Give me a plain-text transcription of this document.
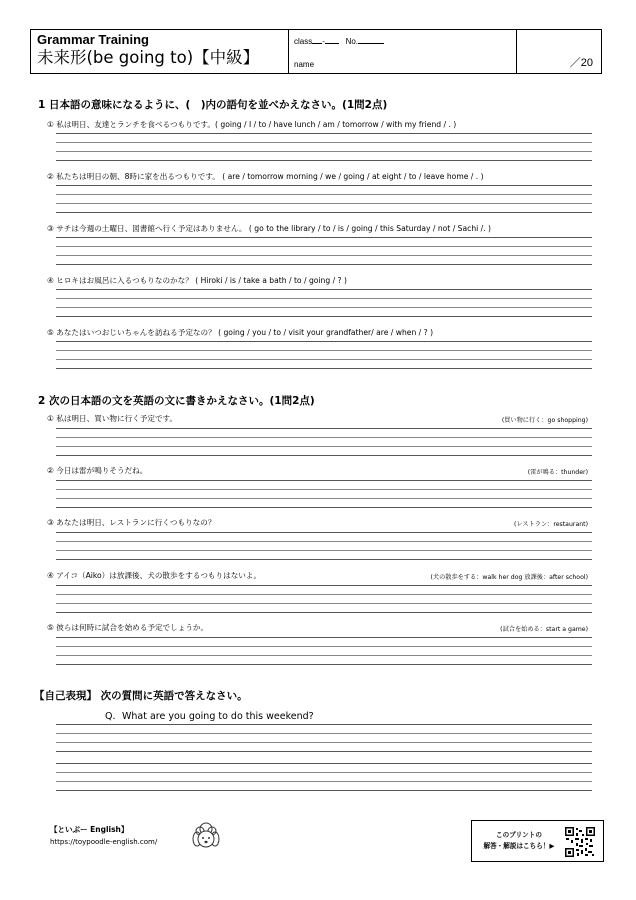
Grammar Training
未来形(be going to)【中級】
class -	No.
name	／20
1 日本語の意味になるように、(　)内の語句を並べかえなさい。(1問2点)
① 私は明日、友達とランチを食べるつもりです。( going / I / to / have lunch / am / tomorrow / with my friend / . )
② 私たちは明日の朝、8時に家を出るつもりです。 ( are / tomorrow morning / we / going / at eight / to / leave home / . )
③ サチは今週の土曜日、図書館へ行く予定はありません。 ( go to the library / to / is / going / this Saturday / not / Sachi /. )
④ ヒロキはお風呂に入るつもりなのかな？ ( Hiroki / is / take a bath / to / going / ? )
⑤ あなたはいつおじいちゃんを訪ねる予定なの？ ( going / you / to / visit your grandfather/ are / when / ? )
2 次の日本語の文を英語の文に書きかえなさい。(1問2点)
① 私は明日、買い物に行く予定です。	(買い物に行く：go shopping)
② 今日は雷が鳴りそうだね。	(雷が鳴る：thunder)
③ あなたは明日、レストランに行くつもりなの？	(レストラン：restaurant)
④ アイコ（Aiko）は放課後、犬の散歩をするつもりはないよ。	(犬の散歩をする：walk her dog 放課後：after school)
⑤ 彼らは何時に試合を始める予定でしょうか。	(試合を始める：start a game)
【自己表現】 次の質問に英語で答えなさい。
Q．What are you going to do this weekend?
【といぷー English】
https://toypoodle-english.com/
このプリントの
解答・解説はこちら！▶
